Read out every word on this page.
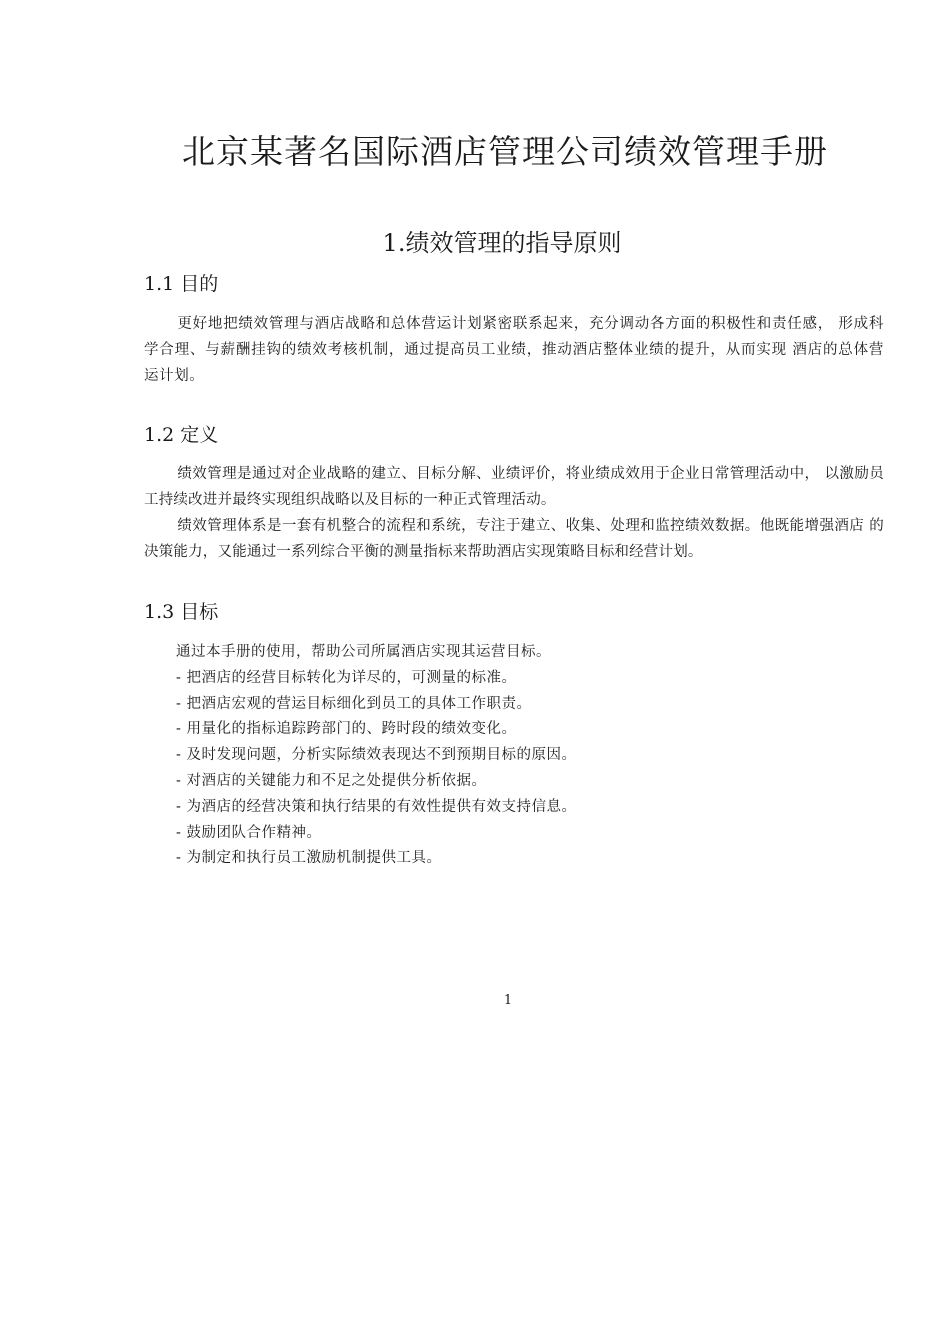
北京某著名国际酒店管理公司绩效管理手册
1.绩效管理的指导原则
1.1 目的

更好地把绩效管理与酒店战略和总体营运计划紧密联系起来，充分调动各方面的积极性和责任感， 形成科学合理、与薪酬挂钩的绩效考核机制，通过提高员工业绩，推动酒店整体业绩的提升，从而实现 酒店的总体营运计划。

1.2 定义

绩效管理是通过对企业战略的建立、目标分解、业绩评价，将业绩成效用于企业日常管理活动中， 以激励员工持续改进并最终实现组织战略以及目标的一种正式管理活动。

绩效管理体系是一套有机整合的流程和系统，专注于建立、收集、处理和监控绩效数据。他既能增强酒店 的决策能力，又能通过一系列综合平衡的测量指标来帮助酒店实现策略目标和经营计划。

1.3 目标
通过本手册的使用，帮助公司所属酒店实现其运营目标。
- 把酒店的经营目标转化为详尽的，可测量的标准。
- 把酒店宏观的营运目标细化到员工的具体工作职责。
- 用量化的指标追踪跨部门的、跨时段的绩效变化。
- 及时发现问题，分析实际绩效表现达不到预期目标的原因。
- 对酒店的关键能力和不足之处提供分析依据。
- 为酒店的经营决策和执行结果的有效性提供有效支持信息。
- 鼓励团队合作精神。
- 为制定和执行员工激励机制提供工具。
1
